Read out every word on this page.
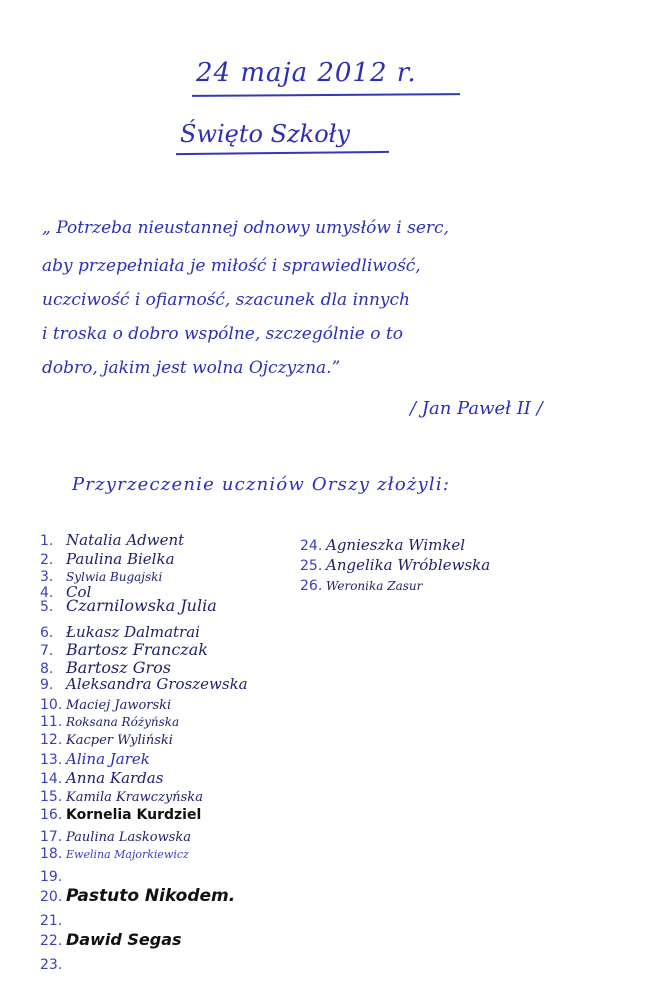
24 maja 2012 r.
Święto Szkoły
„ Potrzeba nieustannej odnowy umysłów i serc,
aby przepełniała je miłość i sprawiedliwość,
uczciwość i ofiarność, szacunek dla innych
i troska o dobro wspólne, szczególnie o to
dobro, jakim jest wolna Ojczyzna.”
/ Jan Paweł II /
Przyrzeczenie uczniów Orszy złożyli:
1. Natalia Adwent
2. Paulina Bielka
3. Sylwia Bugajski
4. Col
5. Czarnilowska Julia
6. Łukasz Dalmatrai
7. Bartosz Franczak
8. Bartosz Gros
9. Aleksandra Groszewska
10. Maciej Jaworski
11. Roksana Różyńska
12. Kacper Wyliński
13. Alina Jarek
14. Anna Kardas
15. Kamila Krawczyńska
16. Kornelia Kurdziel
17. Paulina Laskowska
18. Ewelina Majorkiewicz
19.
20. Pastuto Nikodem.
21.
22. Dawid Segas
23.
24. Agnieszka Wimkel
25. Angelika Wróblewska
26. Weronika Zasur
